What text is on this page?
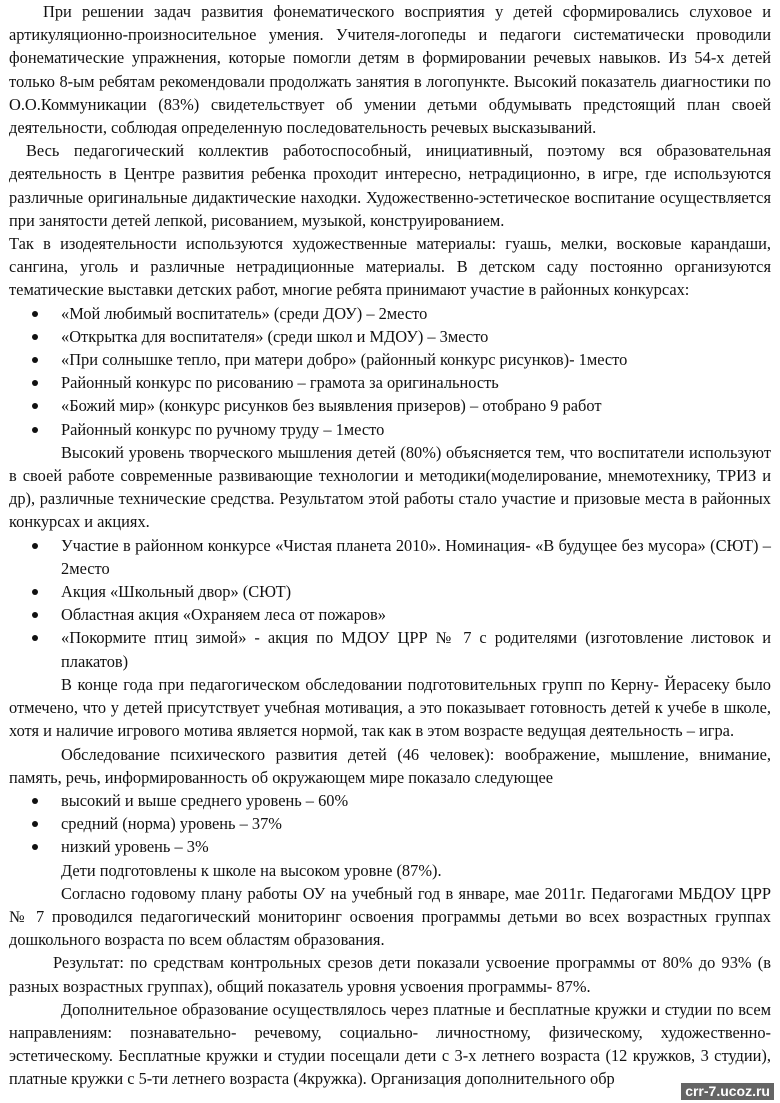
При решении задач развития фонематического восприятия у детей сформировались слуховое и артикуляционно-произносительное умения. Учителя-логопеды и педагоги систематически проводили фонематические упражнения, которые помогли детям в формировании речевых навыков. Из 54-х детей только 8-ым ребятам рекомендовали продолжать занятия в логопункте. Высокий показатель диагностики по О.О.Коммуникации (83%) свидетельствует об умении детьми обдумывать предстоящий план своей деятельности, соблюдая определенную последовательность речевых высказываний.

Весь педагогический коллектив работоспособный, инициативный, поэтому вся образовательная деятельность в Центре развития ребенка проходит интересно, нетрадиционно, в игре, где используются различные оригинальные дидактические находки. Художественно-эстетическое воспитание осуществляется при занятости детей лепкой, рисованием, музыкой, конструированием.

Так в изодеятельности используются художественные материалы: гуашь, мелки, восковые карандаши, сангина, уголь и различные нетрадиционные материалы. В детском саду постоянно организуются тематические выставки детских работ, многие ребята принимают участие в районных конкурсах:

«Мой любимый воспитатель» (среди ДОУ) – 2место
«Открытка для воспитателя» (среди школ и МДОУ) – 3место
«При солнышке тепло, при матери добро» (районный конкурс рисунков)- 1место
Районный конкурс по рисованию – грамота за оригинальность
«Божий мир» (конкурс рисунков без выявления призеров) – отобрано 9 работ
Районный конкурс по ручному труду – 1место

Высокий уровень творческого мышления детей (80%) объясняется тем, что воспитатели используют в своей работе современные развивающие технологии и методики(моделирование, мнемотехнику, ТРИЗ и др), различные технические средства. Результатом этой работы стало участие и призовые места в районных конкурсах и акциях.

Участие в районном конкурсе «Чистая планета 2010». Номинация- «В будущее без мусора» (СЮТ) – 2место
Акция «Школьный двор» (СЮТ)
Областная акция «Охраняем леса от пожаров»
«Покормите птиц зимой» - акция по МДОУ ЦРР № 7 с родителями (изготовление листовок и плакатов)

В конце года при педагогическом обследовании подготовительных групп по Керну- Йерасеку было отмечено, что у детей присутствует учебная мотивация, а это показывает готовность детей к учебе в школе, хотя и наличие игрового мотива является нормой, так как в этом возрасте ведущая деятельность – игра.

Обследование психического развития детей (46 человек): воображение, мышление, внимание, память, речь, информированность об окружающем мире показало следующее

высокий и выше среднего уровень – 60%
средний (норма) уровень – 37%
низкий уровень – 3%

Дети подготовлены к школе на высоком уровне (87%).

Согласно годовому плану работы ОУ на учебный год в январе, мае 2011г. Педагогами МБДОУ ЦРР № 7 проводился педагогический мониторинг освоения программы детьми во всех возрастных группах дошкольного возраста по всем областям образования.

Результат: по средствам контрольных срезов дети показали усвоение программы от 80% до 93% (в разных возрастных группах), общий показатель уровня усвоения программы- 87%.

Дополнительное образование осуществлялось через платные и бесплатные кружки и студии по всем направлениям: познавательно- речевому, социально- личностному, физическому, художественно-эстетическому. Бесплатные кружки и студии посещали дети с 3-х летнего возраста (12 кружков, 3 студии), платные кружки с 5-ти летнего возраста (4кружка). Организация дополнительного обр

crr-7.ucoz.ru
